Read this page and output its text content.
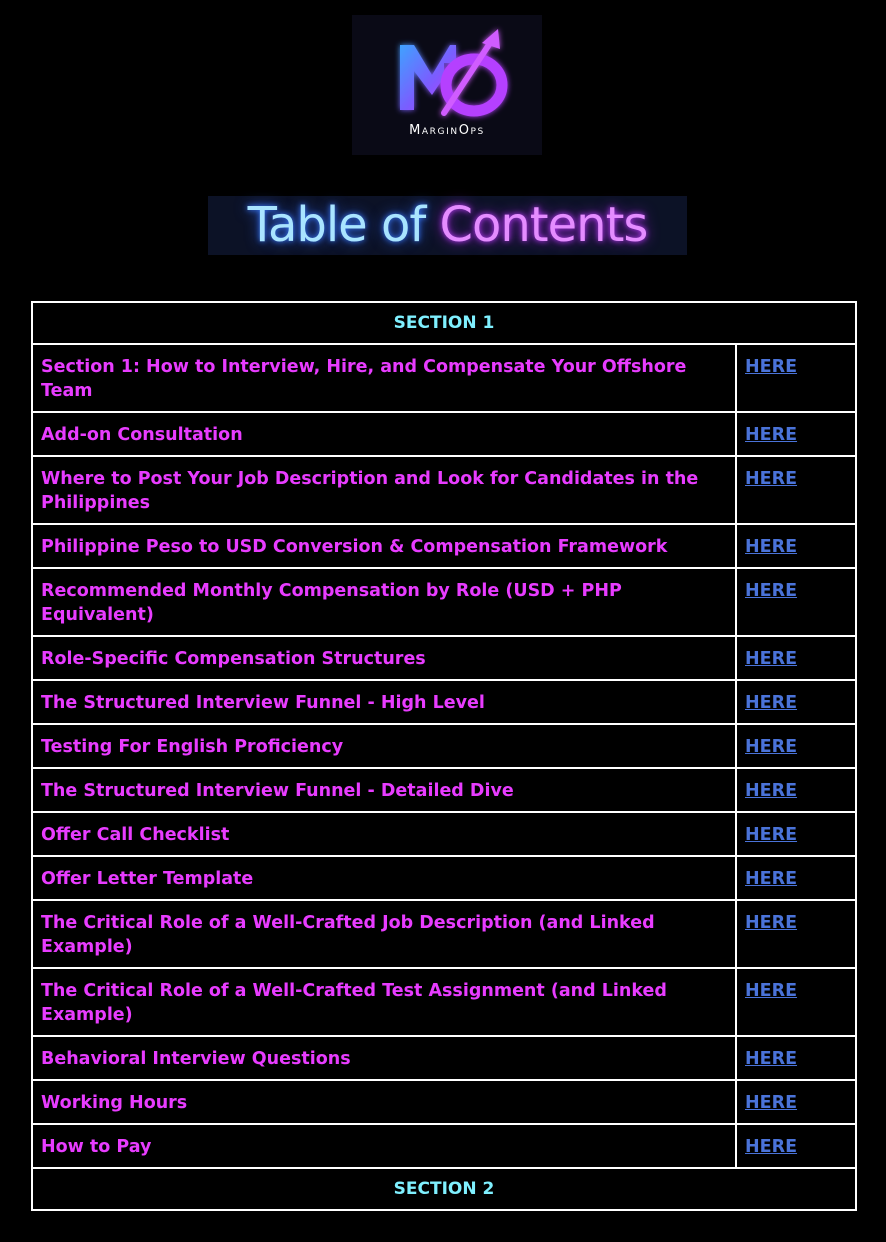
MarginOps
Table of Contents
SECTION 1	
Section 1: How to Interview, Hire, and Compensate Your Offshore Team	HERE
Add-on Consultation	HERE
Where to Post Your Job Description and Look for Candidates in the Philippines	HERE
Philippine Peso to USD Conversion & Compensation Framework	HERE
Recommended Monthly Compensation by Role (USD + PHP Equivalent)	HERE
Role-Specific Compensation Structures	HERE
The Structured Interview Funnel - High Level	HERE
Testing For English Proficiency	HERE
The Structured Interview Funnel - Detailed Dive	HERE
Offer Call Checklist	HERE
Offer Letter Template	HERE
The Critical Role of a Well-Crafted Job Description (and Linked Example)	HERE
The Critical Role of a Well-Crafted Test Assignment (and Linked Example)	HERE
Behavioral Interview Questions	HERE
Working Hours	HERE
How to Pay	HERE
SECTION 2	
